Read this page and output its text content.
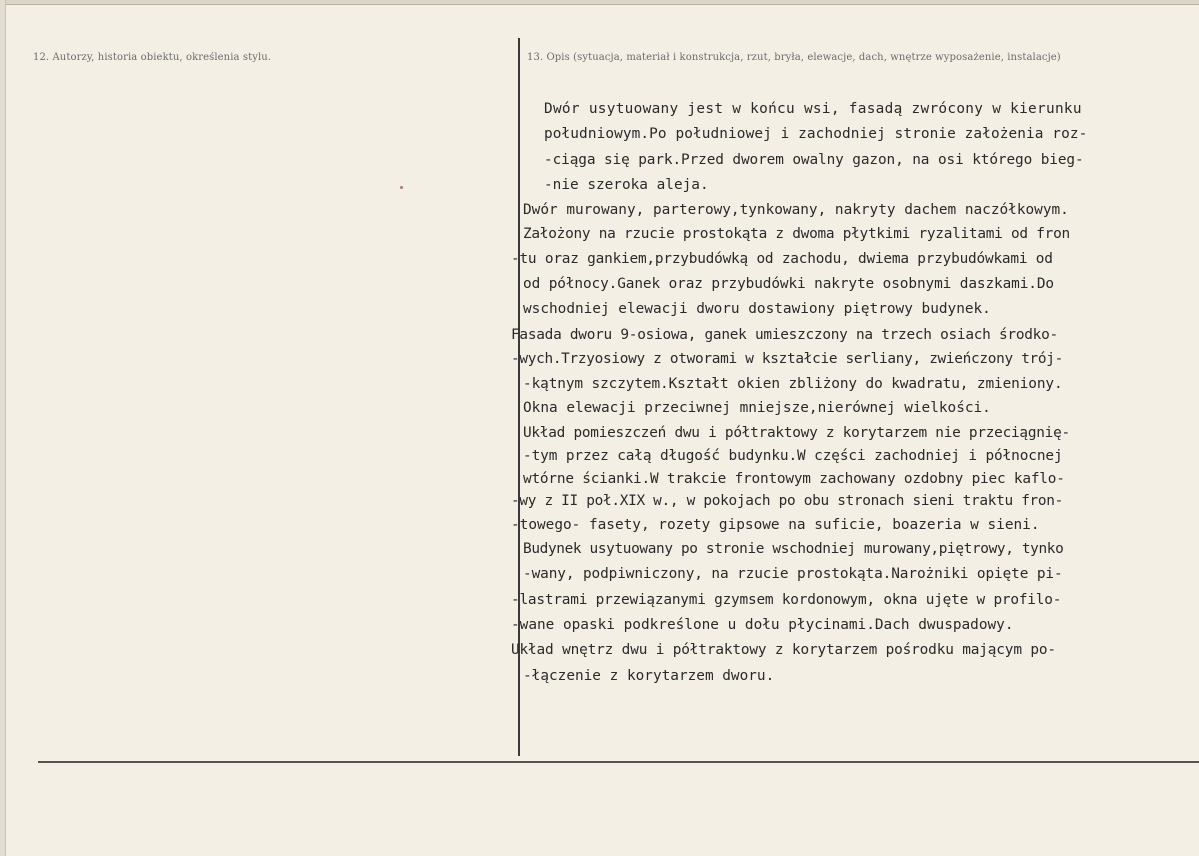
12. Autorzy, historia obiektu, określenia stylu.	13. Opis (sytuacja, materiał i konstrukcja, rzut, bryła, elewacje, dach, wnętrze wyposażenie, instalacje)
Dwór usytuowany jest w końcu wsi, fasadą zwrócony w kierunku
południowym.Po południowej i zachodniej stronie założenia roz-
-ciąga się park.Przed dworem owalny gazon, na osi którego bieg-
-nie szeroka aleja.
Dwór murowany, parterowy,tynkowany, nakryty dachem naczółkowym.
Założony na rzucie prostokąta z dwoma płytkimi ryzalitami od fron
-tu oraz gankiem,przybudówką od zachodu, dwiema przybudówkami od
od północy.Ganek oraz przybudówki nakryte osobnymi daszkami.Do
wschodniej elewacji dworu dostawiony piętrowy budynek.
Fasada dworu 9-osiowa, ganek umieszczony na trzech osiach środko-
-wych.Trzyosiowy z otworami w kształcie serliany, zwieńczony trój-
-kątnym szczytem.Kształt okien zbliżony do kwadratu, zmieniony.
Okna elewacji przeciwnej mniejsze,nierównej wielkości.
Układ pomieszczeń dwu i półtraktowy z korytarzem nie przeciągnię-
-tym przez całą długość budynku.W części zachodniej i północnej
wtórne ścianki.W trakcie frontowym zachowany ozdobny piec kaflo-
-wy z II poł.XIX w., w pokojach po obu stronach sieni traktu fron-
-towego- fasety, rozety gipsowe na suficie, boazeria w sieni.
Budynek usytuowany po stronie wschodniej murowany,piętrowy, tynko
-wany, podpiwniczony, na rzucie prostokąta.Narożniki opięte pi-
-lastrami przewiązanymi gzymsem kordonowym, okna ujęte w profilo-
-wane opaski podkreślone u dołu płycinami.Dach dwuspadowy.
Układ wnętrz dwu i półtraktowy z korytarzem pośrodku mającym po-
-łączenie z korytarzem dworu.
